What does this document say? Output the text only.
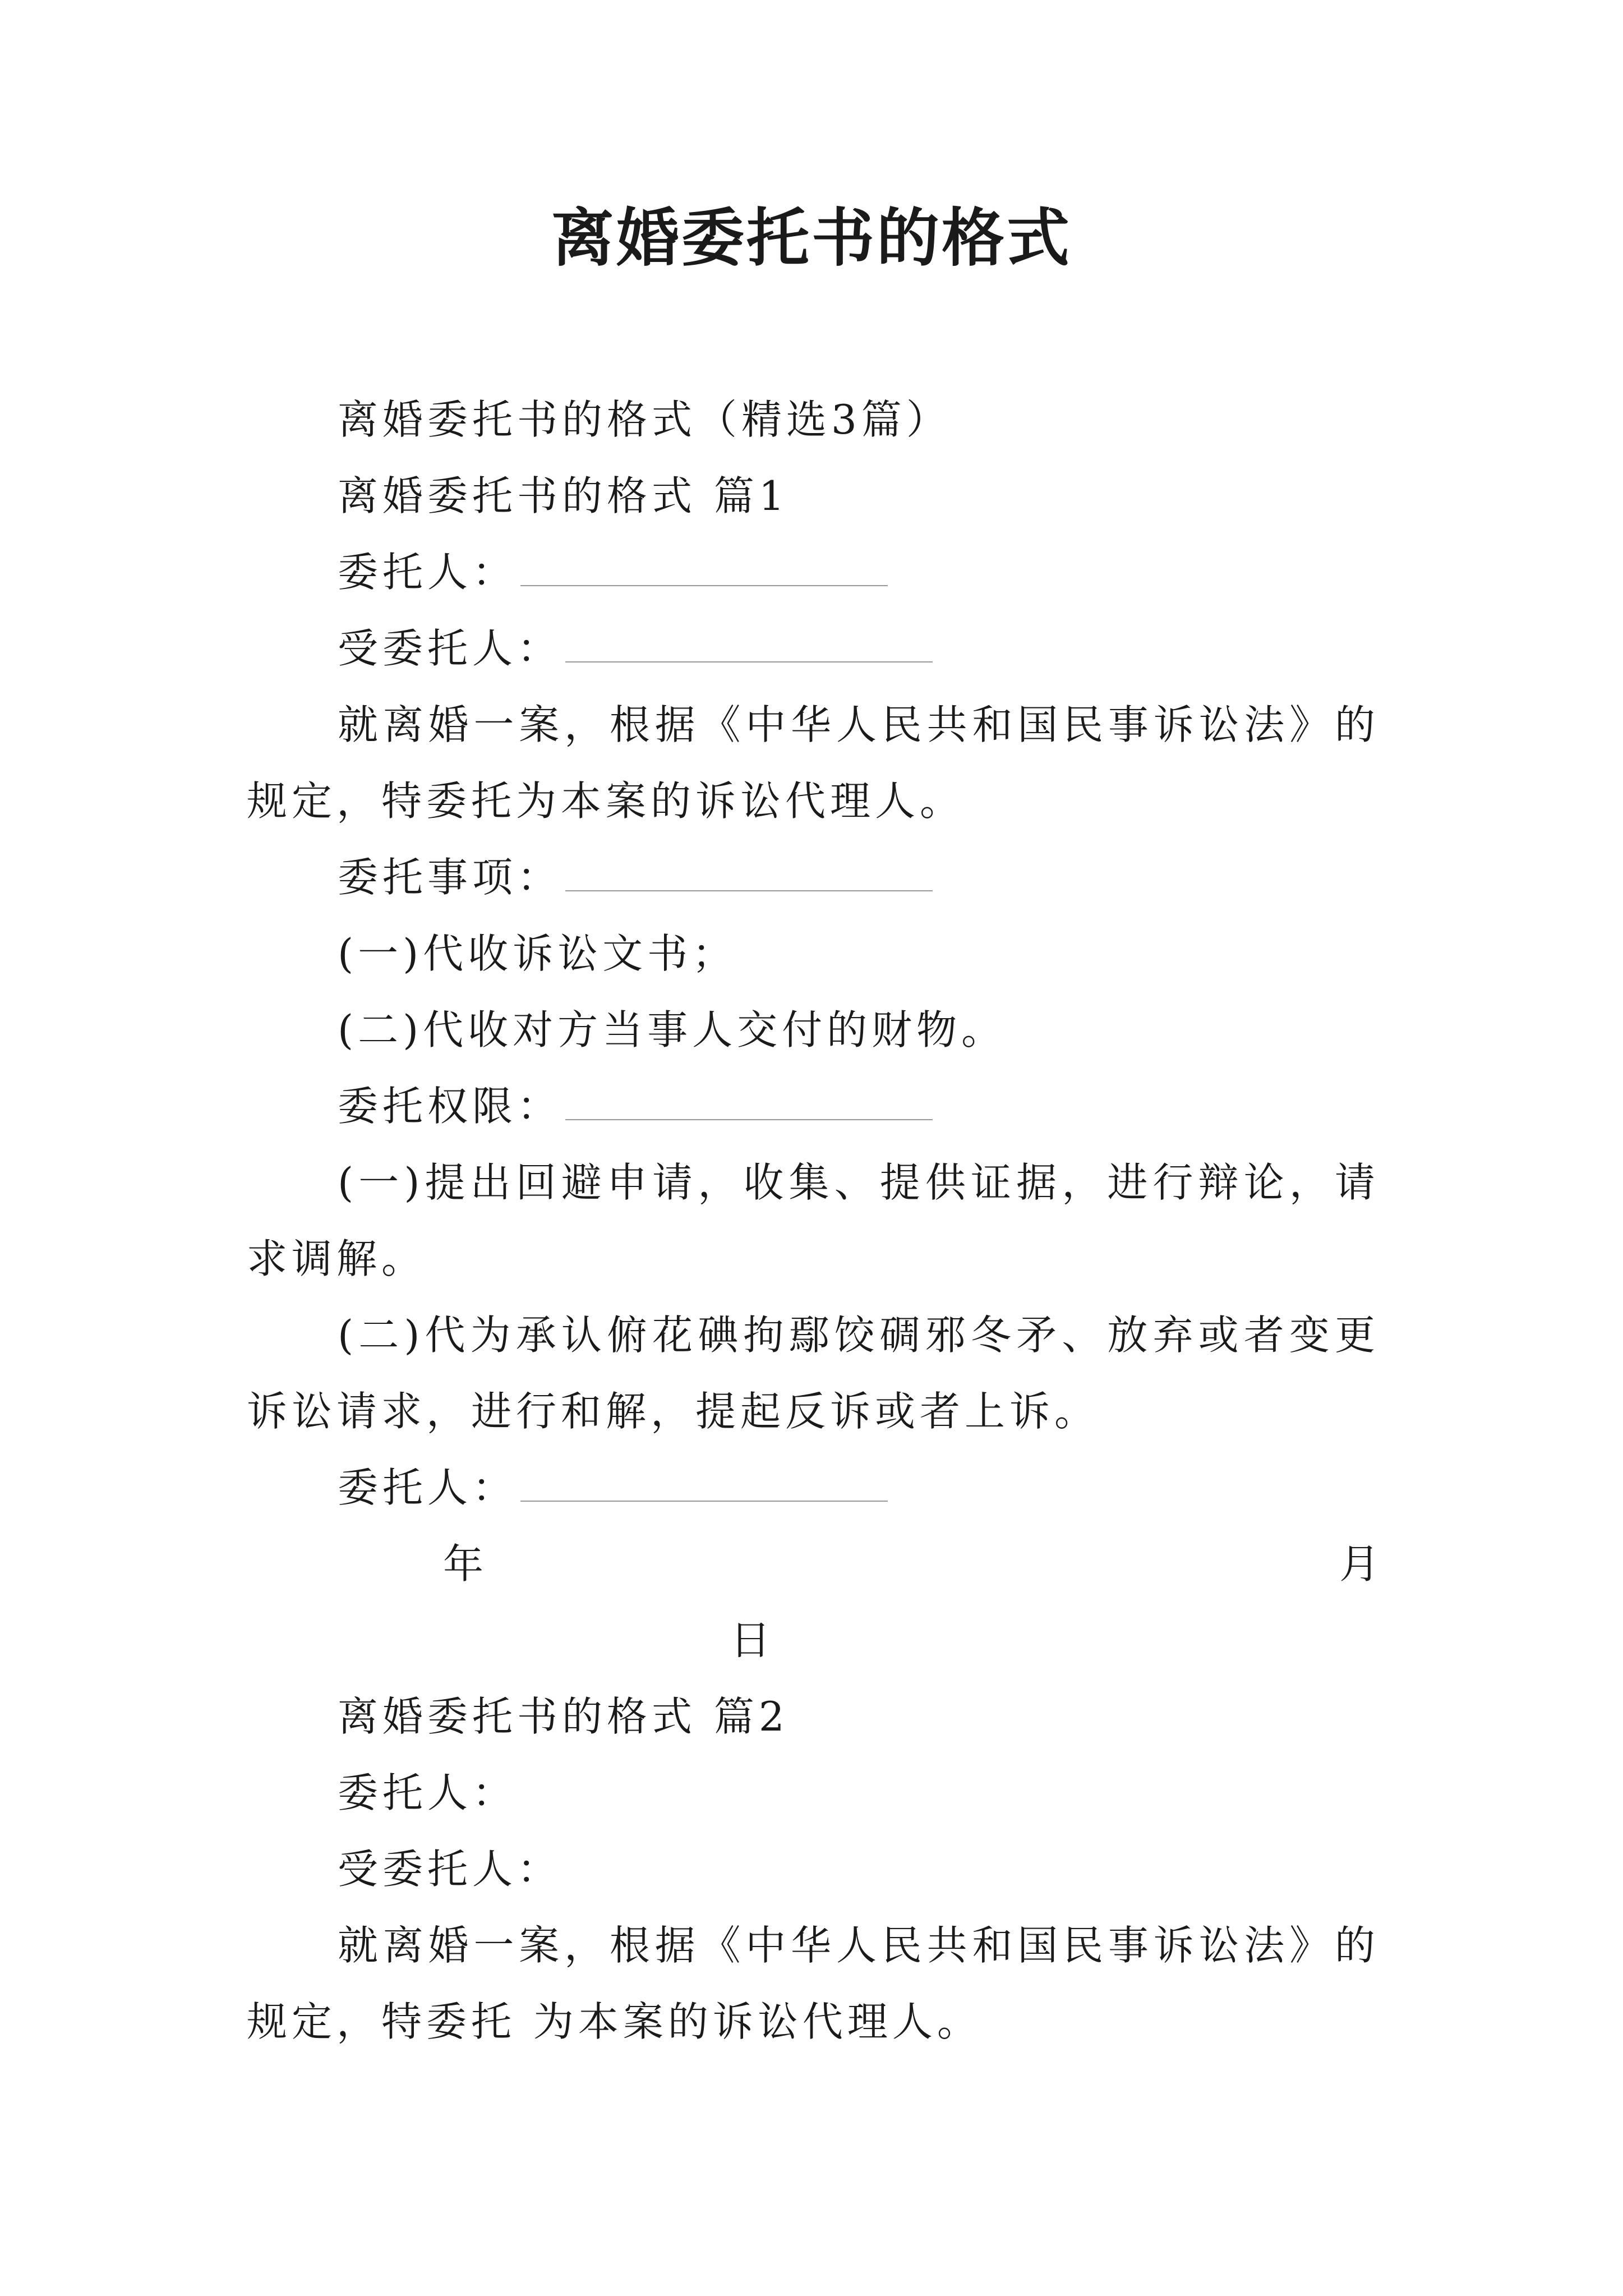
离婚委托书的格式

离婚委托书的格式（精选3篇）

离婚委托书的格式 篇1

委托人：

受委托人：

就离婚一案，根据《中华人民共和国民事诉讼法》的规定，特委托为本案的诉讼代理人。

委托事项：

(一)代收诉讼文书；

(二)代收对方当事人交付的财物。

委托权限：

(一)提出回避申请，收集、提供证据，进行辩论，请求调解。

(二)代为承认俯花碘拘鄢饺碉邪冬矛、放弃或者变更诉讼请求，进行和解，提起反诉或者上诉。

委托人：

年	月
日

离婚委托书的格式 篇2

委托人：

受委托人：

就离婚一案，根据《中华人民共和国民事诉讼法》的规定，特委托 为本案的诉讼代理人。
